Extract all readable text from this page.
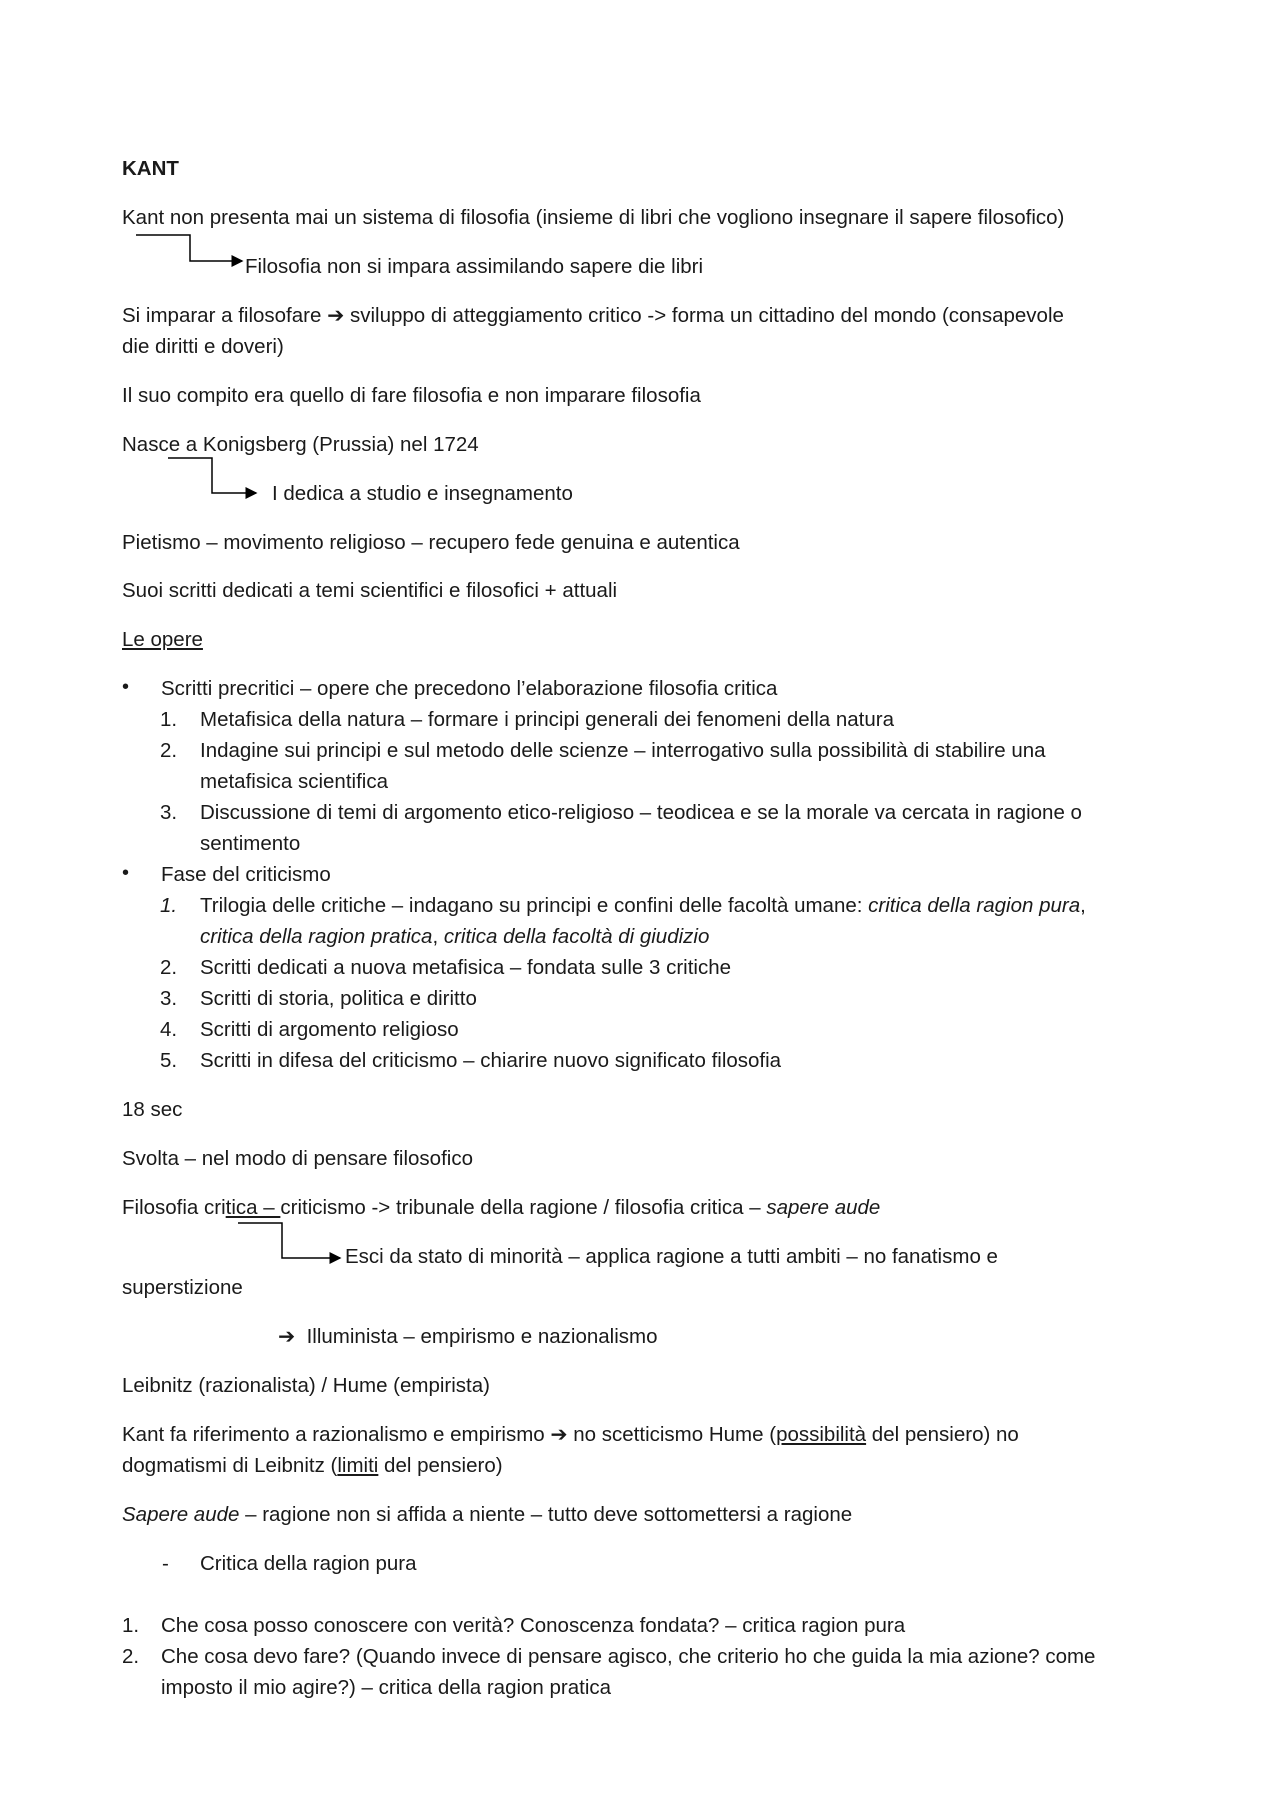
KANT
Kant non presenta mai un sistema di filosofia (insieme di libri che vogliono insegnare il sapere filosofico)
Filosofia non si impara assimilando sapere die libri
Si imparar a filosofare ➔ sviluppo di atteggiamento critico -> forma un cittadino del mondo (consapevole
die diritti e doveri)
Il suo compito era quello di fare filosofia e non imparare filosofia
Nasce a Konigsberg (Prussia) nel 1724
I dedica a studio e insegnamento
Pietismo – movimento religioso – recupero fede genuina e autentica
Suoi scritti dedicati a temi scientifici e filosofici + attuali
Le opere
• Scritti precritici – opere che precedono l’elaborazione filosofia critica
1. Metafisica della natura – formare i principi generali dei fenomeni della natura
2. Indagine sui principi e sul metodo delle scienze – interrogativo sulla possibilità di stabilire una
metafisica scientifica
3. Discussione di temi di argomento etico-religioso – teodicea e se la morale va cercata in ragione o
sentimento
• Fase del criticismo
1. Trilogia delle critiche – indagano su principi e confini delle facoltà umane: critica della ragion pura,
critica della ragion pratica, critica della facoltà di giudizio
2. Scritti dedicati a nuova metafisica – fondata sulle 3 critiche
3. Scritti di storia, politica e diritto
4. Scritti di argomento religioso
5. Scritti in difesa del criticismo – chiarire nuovo significato filosofia
18 sec
Svolta – nel modo di pensare filosofico
Filosofia critica – criticismo -> tribunale della ragione / filosofia critica – sapere aude
Esci da stato di minorità – applica ragione a tutti ambiti – no fanatismo e
superstizione
➔ Illuminista – empirismo e nazionalismo
Leibnitz (razionalista) / Hume (empirista)
Kant fa riferimento a razionalismo e empirismo ➔ no scetticismo Hume (possibilità del pensiero) no
dogmatismi di Leibnitz (limiti del pensiero)
Sapere aude – ragione non si affida a niente – tutto deve sottomettersi a ragione
- Critica della ragion pura
1. Che cosa posso conoscere con verità? Conoscenza fondata? – critica ragion pura
2. Che cosa devo fare? (Quando invece di pensare agisco, che criterio ho che guida la mia azione? come
imposto il mio agire?) – critica della ragion pratica
